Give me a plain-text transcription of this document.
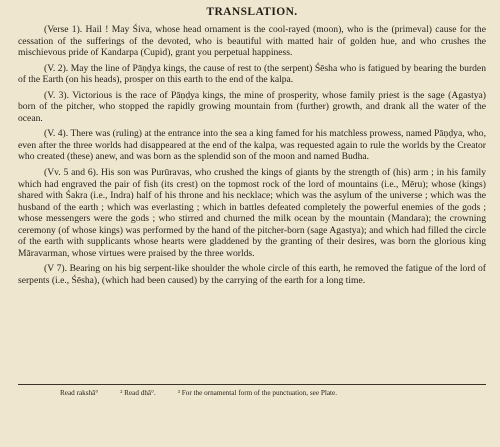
TRANSLATION.

(Verse 1). Hail ! May Śiva, whose head ornament is the cool-rayed (moon), who is the (primeval) cause for the cessation of the sufferings of the devoted, who is beautiful with matted hair of golden hue, and who crushes the mischievous pride of Kandarpa (Cupid), grant you perpetual happiness.

(V. 2). May the line of Pāṇḍya kings, the cause of rest to (the serpent) Śēsha who is fatigued by bearing the burden of the Earth (on his heads), prosper on this earth to the end of the kalpa.

(V. 3). Victorious is the race of Pāṇḍya kings, the mine of prosperity, whose family priest is the sage (Agastya) born of the pitcher, who stopped the rapidly growing mountain from (further) growth, and drank all the water of the ocean.

(V. 4). There was (ruling) at the entrance into the sea a king famed for his matchless prowess, named Pāṇḍya, who, even after the three worlds had disappeared at the end of the kalpa, was requested again to rule the worlds by the Creator who created (these) anew, and was born as the splendid son of the moon and named Budha.

(Vv. 5 and 6). His son was Purūravas, who crushed the kings of giants by the strength of (his) arm ; in his family which had engraved the pair of fish (its crest) on the topmost rock of the lord of mountains (i.e., Mēru); whose (kings) shared with Śakra (i.e., Indra) half of his throne and his necklace; which was the asylum of the universe ; which was the husband of the earth ; which was everlasting ; which in battles defeated completely the powerful enemies of the gods ; whose messengers were the gods ; who stirred and churned the milk ocean by the mountain (Mandara); the crowning ceremony (of whose kings) was performed by the hand of the pitcher-born (sage Agastya); and which had filled the circle of the earth with supplicants whose hearts were gladdened by the granting of their desires, was born the glorious king Māravarman, whose virtues were praised by the three worlds.

(V 7). Bearing on his big serpent-like shoulder the whole circle of this earth, he removed the fatigue of the lord of serpents (i.e., Śēsha), (which had been caused) by the carrying of the earth for a long time.

Read rakshā°	² Read dhā°.	³ For the ornamental form of the punctuation, see Plate.
